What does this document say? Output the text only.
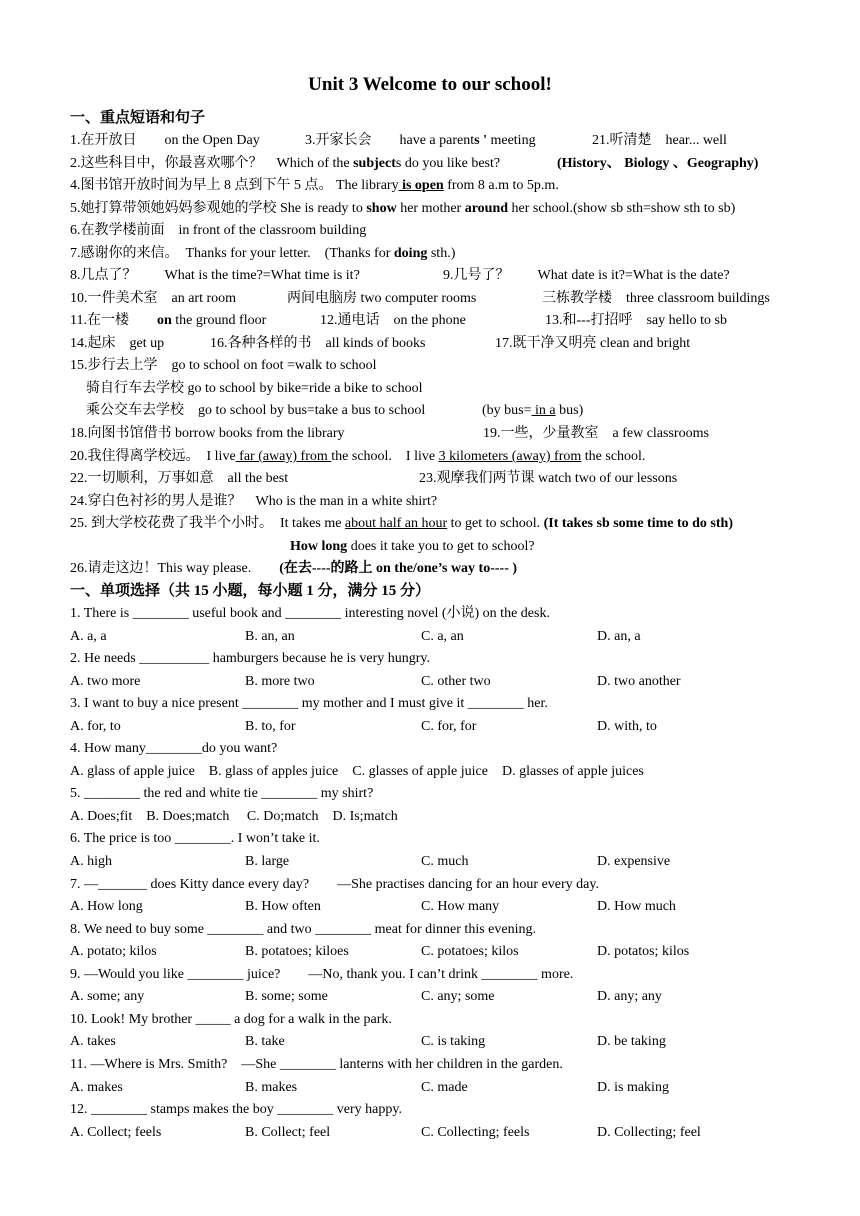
Unit 3 Welcome to our school!
一、重点短语和句子
1.在开放日　　on the Open Day	3.开家长会　　have a parents ' meeting	21.听清楚　hear... well
2.这些科目中，你最喜欢哪个？　Which of the subjects do you like best?	(History、 Biology 、Geography)
4.图书馆开放时间为早上 8 点到下午 5 点。 The library is open from 8 a.m to 5p.m.
5.她打算带领她妈妈参观她的学校 She is ready to show her mother around her school.(show sb sth=show sth to sb)
6.在教学楼前面　in front of the classroom building
7.感谢你的来信。　Thanks for your letter.　(Thanks for doing sth.)
8.几点了？　　What is the time?=What time is it?	9.几号了？　　What date is it?=What is the date?
10.一件美术室　an art room	两间电脑房 two computer rooms	三栋教学楼　three classroom buildings
11.在一楼　　on the ground floor	12.通电话　on the phone	13.和---打招呼　say hello to sb
14.起床　get up	16.各种各样的书　all kinds of books	17.既干净又明亮 clean and bright
15.步行去上学　go to school on foot =walk to school
骑自行车去学校 go to school by bike=ride a bike to school
乘公交车去学校　go to school by bus=take a bus to school	(by bus= in a bus)
18.向图书馆借书 borrow books from the library	19.一些，少量教室　a few classrooms
20.我住得离学校远。　I live far (away) from the school.　I live 3 kilometers (away) from the school.
22.一切顺利，万事如意　all the best	23.观摩我们两节课 watch two of our lessons
24.穿白色衬衫的男人是谁？　Who is the man in a white shirt?
25. 到大学校花费了我半个小时。　It takes me about half an hour to get to school. (It takes sb some time to do sth)
How long does it take you to get to school?
26.请走这边！This way please.　　(在去----的路上 on the/one’s way to---- )
一、单项选择（共 15 小题，每小题 1 分，满分 15 分）
1. There is ________ useful book and ________ interesting novel (小说) on the desk.
A. a, a	B. an, an	C. a, an	D. an, a
2. He needs __________ hamburgers because he is very hungry.
A. two more	B. more two	C. other two	D. two another
3. I want to buy a nice present ________ my mother and I must give it ________ her.
A. for, to	B. to, for	C. for, for	D. with, to
4. How many________do you want?
A. glass of apple juice　B. glass of apples juice　C. glasses of apple juice　D. glasses of apple juices
5. ________ the red and white tie ________ my shirt?
A. Does;fit　B. Does;match　 C. Do;match　D. Is;match
6. The price is too ________. I won’t take it.
A. high	B. large	C. much	D. expensive
7. —_______ does Kitty dance every day?　　—She practises dancing for an hour every day.
A. How long	B. How often	C. How many	D. How much
8. We need to buy some ________ and two ________ meat for dinner this evening.
A. potato; kilos	B. potatoes; kiloes	C. potatoes; kilos	D. potatos; kilos
9. —Would you like ________ juice?　　—No, thank you. I can’t drink ________ more.
A. some; any	B. some; some	C. any; some	D. any; any
10. Look! My brother _____ a dog for a walk in the park.
A. takes	B. take	C. is taking	D. be taking
11. —Where is Mrs. Smith?　—She ________ lanterns with her children in the garden.
A. makes	B. makes	C. made	D. is making
12. ________ stamps makes the boy ________ very happy.
A. Collect; feels	B. Collect; feel	C. Collecting; feels	D. Collecting; feel
